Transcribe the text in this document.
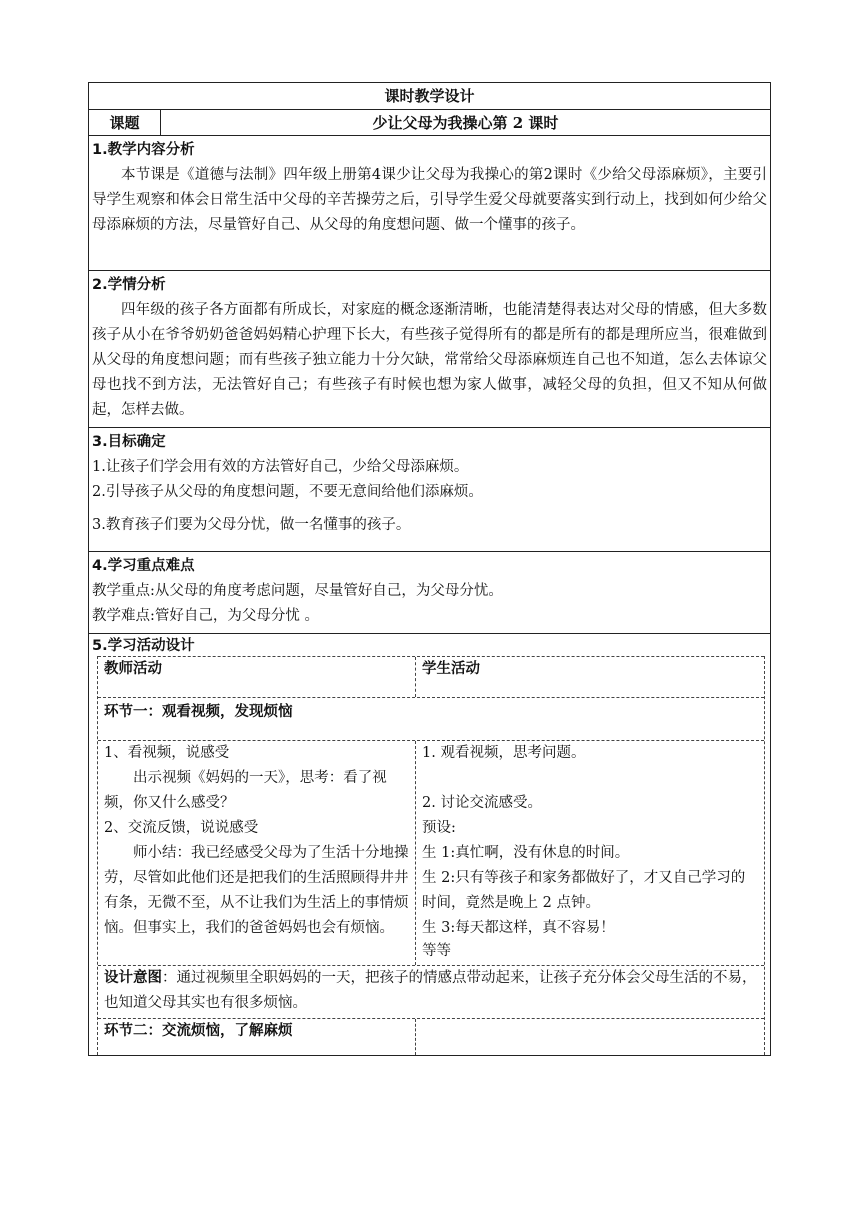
课时教学设计
课题	少让父母为我操心第 2 课时
1.教学内容分析
本节课是《道德与法制》四年级上册第4课少让父母为我操心的第2课时《少给父母添麻烦》，主要引导学生观察和体会日常生活中父母的辛苦操劳之后，引导学生爱父母就要落实到行动上，找到如何少给父母添麻烦的方法，尽量管好自己、从父母的角度想问题、做一个懂事的孩子。
2.学情分析
四年级的孩子各方面都有所成长，对家庭的概念逐渐清晰，也能清楚得表达对父母的情感，但大多数孩子从小在爷爷奶奶爸爸妈妈精心护理下长大，有些孩子觉得所有的都是所有的都是理所应当，很难做到从父母的角度想问题；而有些孩子独立能力十分欠缺，常常给父母添麻烦连自己也不知道，怎么去体谅父母也找不到方法，无法管好自己；有些孩子有时候也想为家人做事，减轻父母的负担，但又不知从何做起，怎样去做。
3.目标确定
1.让孩子们学会用有效的方法管好自己，少给父母添麻烦。
2.引导孩子从父母的角度想问题，不要无意间给他们添麻烦。
3.教育孩子们要为父母分忧，做一名懂事的孩子。
4.学习重点难点
教学重点:从父母的角度考虑问题，尽量管好自己，为父母分忧。
教学难点:管好自己，为父母分忧 。
5.学习活动设计
教师活动	学生活动
环节一：观看视频，发现烦恼
1、看视频，说感受
出示视频《妈妈的一天》，思考：看了视频，你又什么感受？
2、交流反馈，说说感受
师小结：我已经感受父母为了生活十分地操劳，尽管如此他们还是把我们的生活照顾得井井有条，无微不至，从不让我们为生活上的事情烦恼。但事实上，我们的爸爸妈妈也会有烦恼。
1. 观看视频，思考问题。
2. 讨论交流感受。
预设:
生 1:真忙啊，没有休息的时间。
生 2:只有等孩子和家务都做好了，才又自己学习的时间，竟然是晚上 2 点钟。
生 3:每天都这样，真不容易！
等等
设计意图：通过视频里全职妈妈的一天，把孩子的情感点带动起来，让孩子充分体会父母生活的不易，也知道父母其实也有很多烦恼。
环节二：交流烦恼，了解麻烦
